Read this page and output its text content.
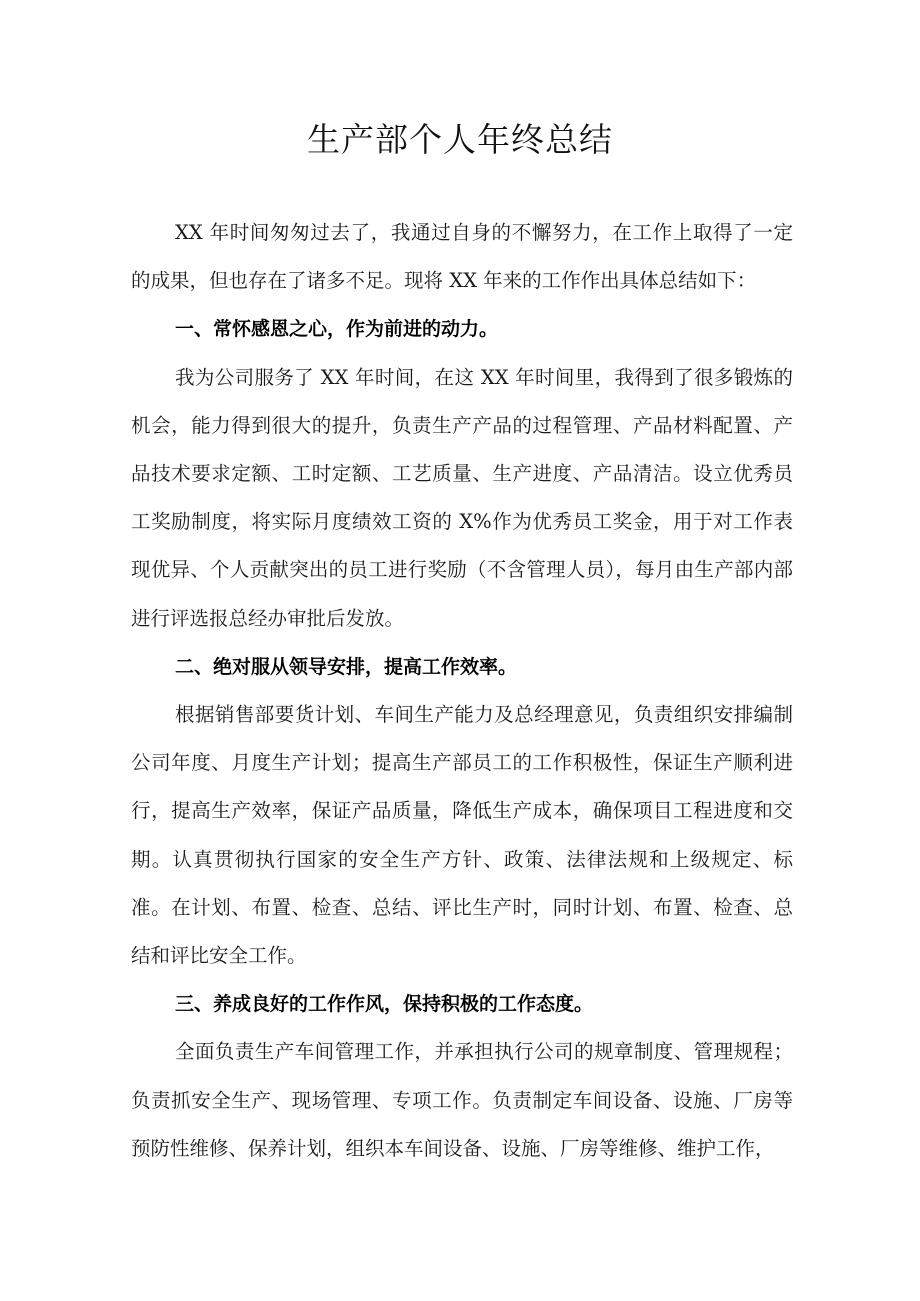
生产部个人年终总结

XX 年时间匆匆过去了，我通过自身的不懈努力，在工作上取得了一定的成果，但也存在了诸多不足。现将 XX 年来的工作作出具体总结如下：

一、常怀感恩之心，作为前进的动力。

我为公司服务了 XX 年时间，在这 XX 年时间里，我得到了很多锻炼的机会，能力得到很大的提升，负责生产产品的过程管理、产品材料配置、产品技术要求定额、工时定额、工艺质量、生产进度、产品清洁。设立优秀员工奖励制度，将实际月度绩效工资的 X%作为优秀员工奖金，用于对工作表现优异、个人贡献突出的员工进行奖励（不含管理人员），每月由生产部内部进行评选报总经办审批后发放。

二、绝对服从领导安排，提高工作效率。

根据销售部要货计划、车间生产能力及总经理意见，负责组织安排编制公司年度、月度生产计划；提高生产部员工的工作积极性，保证生产顺利进行，提高生产效率，保证产品质量，降低生产成本，确保项目工程进度和交期。认真贯彻执行国家的安全生产方针、政策、法律法规和上级规定、标准。在计划、布置、检查、总结、评比生产时，同时计划、布置、检查、总结和评比安全工作。

三、养成良好的工作作风，保持积极的工作态度。

全面负责生产车间管理工作，并承担执行公司的规章制度、管理规程；负责抓安全生产、现场管理、专项工作。负责制定车间设备、设施、厂房等预防性维修、保养计划，组织本车间设备、设施、厂房等维修、维护工作，
